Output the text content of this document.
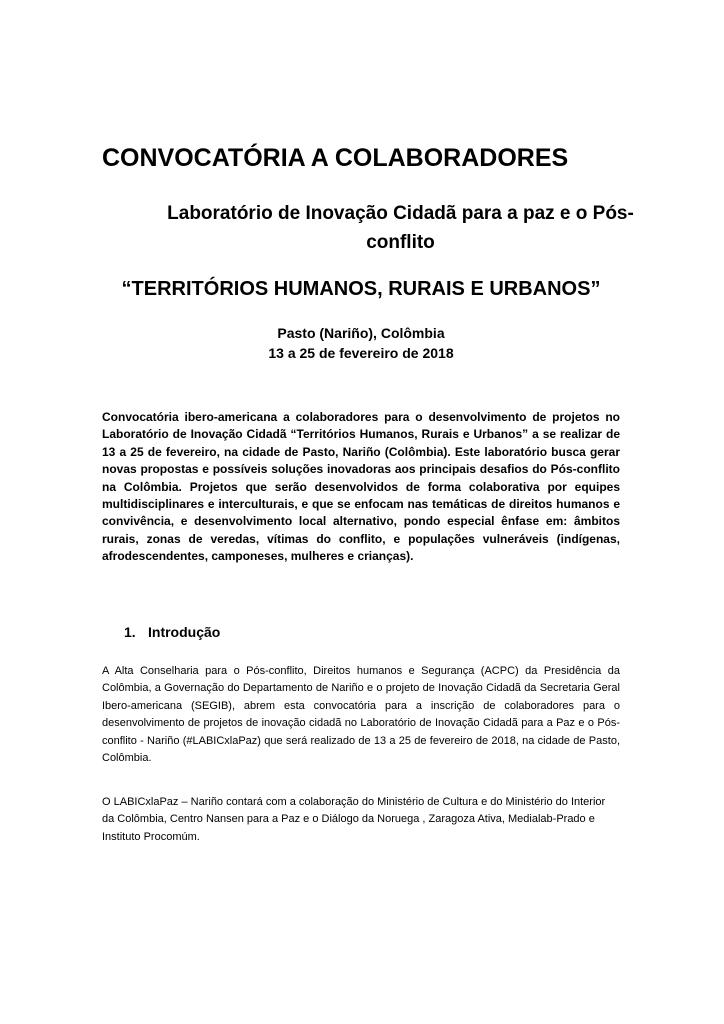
CONVOCATÓRIA A COLABORADORES
Laboratório de Inovação Cidadã para a paz e o Pós-conflito
“TERRITÓRIOS HUMANOS, RURAIS E URBANOS”
Pasto (Nariño), Colômbia
13 a 25 de fevereiro de 2018

Convocatória ibero-americana a colaboradores para o desenvolvimento de projetos no Laboratório de Inovação Cidadã “Territórios Humanos, Rurais e Urbanos” a se realizar de 13 a 25 de fevereiro, na cidade de Pasto, Nariño (Colômbia). Este laboratório busca gerar novas propostas e possíveis soluções inovadoras aos principais desafios do Pós-conflito na Colômbia. Projetos que serão desenvolvidos de forma colaborativa por equipes multidisciplinares e interculturais, e que se enfocam nas temáticas de direitos humanos e convivência, e desenvolvimento local alternativo, pondo especial ênfase em: âmbitos rurais, zonas de veredas, vítimas do conflito, e populações vulneráveis (indígenas, afrodescendentes, camponeses, mulheres e crianças).

1. Introdução

A Alta Conselharia para o Pós-conflito, Direitos humanos e Segurança (ACPC) da Presidência da Colômbia, a Governação do Departamento de Nariño e o projeto de Inovação Cidadã da Secretaria Geral Ibero-americana (SEGIB), abrem esta convocatória para a inscrição de colaboradores para o desenvolvimento de projetos de inovação cidadã no Laboratório de Inovação Cidadã para a Paz e o Pós-conflito - Nariño (#LABICxlaPaz) que será realizado de 13 a 25 de fevereiro de 2018, na cidade de Pasto, Colômbia.

O LABICxlaPaz – Nariño contará com a colaboração do Ministério de Cultura e do Ministério do Interior da Colômbia, Centro Nansen para a Paz e o Diálogo da Noruega , Zaragoza Ativa, Medialab-Prado e Instituto Procomúm.
